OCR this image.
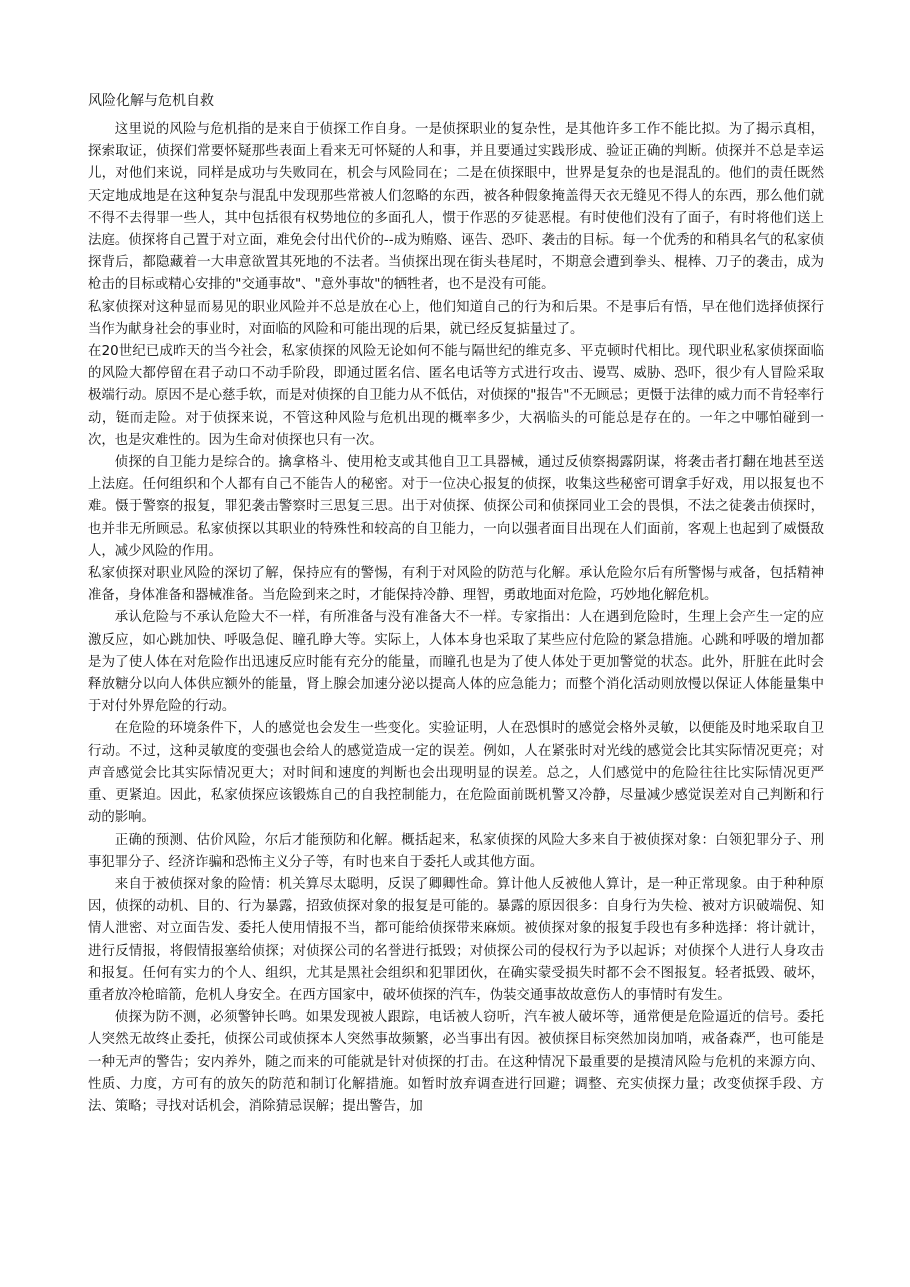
风险化解与危机自救

这里说的风险与危机指的是来自于侦探工作自身。一是侦探职业的复杂性，是其他许多工作不能比拟。为了揭示真相，探索取证，侦探们常要怀疑那些表面上看来无可怀疑的人和事，并且要通过实践形成、验证正确的判断。侦探并不总是幸运儿，对他们来说，同样是成功与失败同在，机会与风险同在；二是在侦探眼中，世界是复杂的也是混乱的。他们的责任既然天定地成地是在这种复杂与混乱中发现那些常被人们忽略的东西，被各种假象掩盖得天衣无缝见不得人的东西，那么他们就不得不去得罪一些人，其中包括很有权势地位的多面孔人，惯于作恶的歹徒恶棍。有时使他们没有了面子，有时将他们送上法庭。侦探将自己置于对立面，难免会付出代价的--成为贿赂、诬告、恐吓、袭击的目标。每一个优秀的和稍具名气的私家侦探背后，都隐藏着一大串意欲置其死地的不法者。当侦探出现在街头巷尾时，不期意会遭到拳头、棍棒、刀子的袭击，成为枪击的目标或精心安排的"交通事故"、"意外事故"的牺牲者，也不是没有可能。

私家侦探对这种显而易见的职业风险并不总是放在心上，他们知道自己的行为和后果。不是事后有悟，早在他们选择侦探行当作为献身社会的事业时，对面临的风险和可能出现的后果，就已经反复掂量过了。

在20世纪已成昨天的当今社会，私家侦探的风险无论如何不能与隔世纪的维克多、平克顿时代相比。现代职业私家侦探面临的风险大都停留在君子动口不动手阶段，即通过匿名信、匿名电话等方式进行攻击、谩骂、威胁、恐吓，很少有人冒险采取极端行动。原因不是心慈手软，而是对侦探的自卫能力从不低估，对侦探的"报告"不无顾忌；更慑于法律的威力而不肯轻率行动，铤而走险。对于侦探来说，不管这种风险与危机出现的概率多少，大祸临头的可能总是存在的。一年之中哪怕碰到一次，也是灾难性的。因为生命对侦探也只有一次。

侦探的自卫能力是综合的。擒拿格斗、使用枪支或其他自卫工具器械，通过反侦察揭露阴谋，将袭击者打翻在地甚至送上法庭。任何组织和个人都有自己不能告人的秘密。对于一位决心报复的侦探，收集这些秘密可谓拿手好戏，用以报复也不难。慑于警察的报复，罪犯袭击警察时三思复三思。出于对侦探、侦探公司和侦探同业工会的畏惧，不法之徒袭击侦探时，也并非无所顾忌。私家侦探以其职业的特殊性和较高的自卫能力，一向以强者面目出现在人们面前，客观上也起到了威慑敌人，减少风险的作用。

私家侦探对职业风险的深切了解，保持应有的警惕，有利于对风险的防范与化解。承认危险尔后有所警惕与戒备，包括精神准备，身体准备和器械准备。当危险到来之时，才能保持冷静、理智，勇敢地面对危险，巧妙地化解危机。

承认危险与不承认危险大不一样，有所准备与没有准备大不一样。专家指出：人在遇到危险时，生理上会产生一定的应激反应，如心跳加快、呼吸急促、瞳孔睁大等。实际上，人体本身也采取了某些应付危险的紧急措施。心跳和呼吸的增加都是为了使人体在对危险作出迅速反应时能有充分的能量，而瞳孔也是为了使人体处于更加警觉的状态。此外，肝脏在此时会释放糖分以向人体供应额外的能量，肾上腺会加速分泌以提高人体的应急能力；而整个消化活动则放慢以保证人体能量集中于对付外界危险的行动。

在危险的环境条件下，人的感觉也会发生一些变化。实验证明，人在恐惧时的感觉会格外灵敏，以便能及时地采取自卫行动。不过，这种灵敏度的变强也会给人的感觉造成一定的误差。例如，人在紧张时对光线的感觉会比其实际情况更亮；对声音感觉会比其实际情况更大；对时间和速度的判断也会出现明显的误差。总之，人们感觉中的危险往往比实际情况更严重、更紧迫。因此，私家侦探应该锻炼自己的自我控制能力，在危险面前既机警又冷静，尽量减少感觉误差对自己判断和行动的影响。

正确的预测、估价风险，尔后才能预防和化解。概括起来，私家侦探的风险大多来自于被侦探对象：白领犯罪分子、刑事犯罪分子、经济诈骗和恐怖主义分子等，有时也来自于委托人或其他方面。

来自于被侦探对象的险情：机关算尽太聪明，反误了卿卿性命。算计他人反被他人算计，是一种正常现象。由于种种原因，侦探的动机、目的、行为暴露，招致侦探对象的报复是可能的。暴露的原因很多：自身行为失检、被对方识破端倪、知情人泄密、对立面告发、委托人使用情报不当，都可能给侦探带来麻烦。被侦探对象的报复手段也有多种选择：将计就计，进行反情报，将假情报塞给侦探；对侦探公司的名誉进行抵毁；对侦探公司的侵权行为予以起诉；对侦探个人进行人身攻击和报复。任何有实力的个人、组织，尤其是黑社会组织和犯罪团伙，在确实蒙受损失时都不会不图报复。轻者抵毁、破坏，重者放冷枪暗箭，危机人身安全。在西方国家中，破坏侦探的汽车，伪装交通事故故意伤人的事情时有发生。

侦探为防不测，必须警钟长鸣。如果发现被人跟踪，电话被人窃听，汽车被人破坏等，通常便是危险逼近的信号。委托人突然无故终止委托，侦探公司或侦探本人突然事故频繁，必当事出有因。被侦探目标突然加岗加哨，戒备森严，也可能是一种无声的警告；安内养外，随之而来的可能就是针对侦探的打击。在这种情况下最重要的是摸清风险与危机的来源方向、性质、力度，方可有的放矢的防范和制订化解措施。如暂时放弃调查进行回避；调整、充实侦探力量；改变侦探手段、方法、策略；寻找对话机会，消除猜忌误解；提出警告，加
